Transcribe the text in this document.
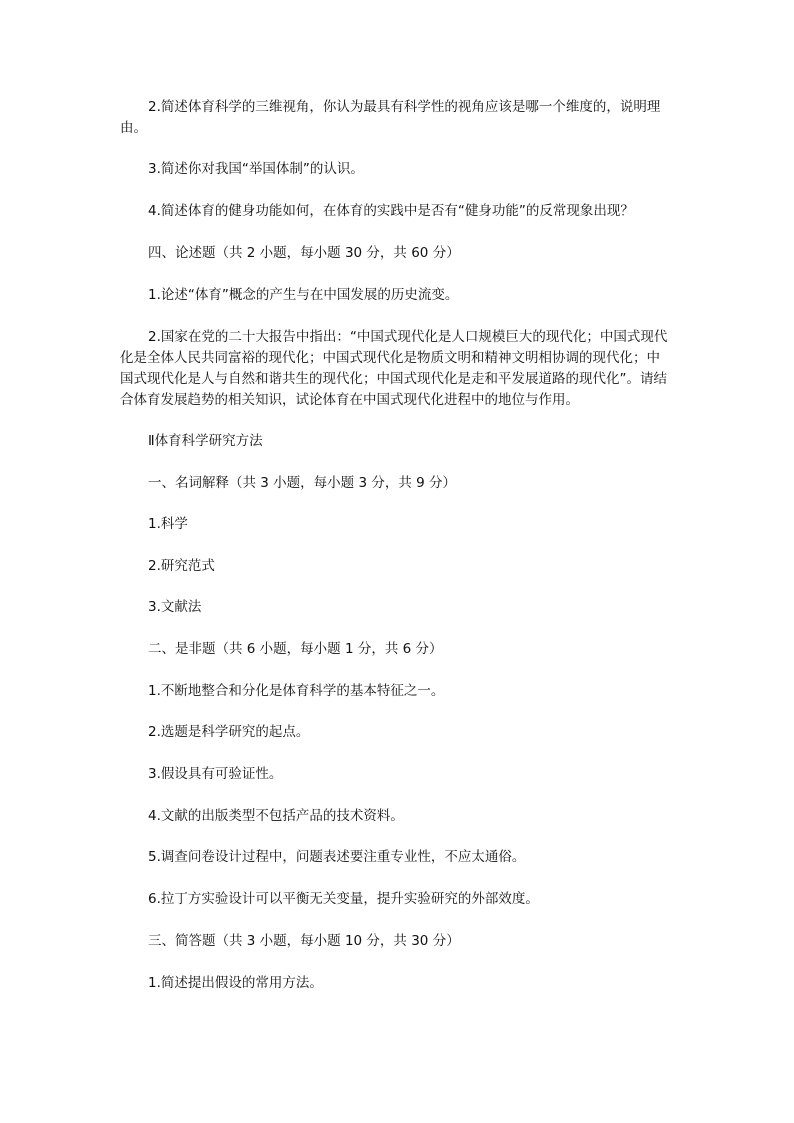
2.简述体育科学的三维视角，你认为最具有科学性的视角应该是哪一个维度的，说明理由。

3.简述你对我国“举国体制”的认识。

4.简述体育的健身功能如何，在体育的实践中是否有“健身功能”的反常现象出现？

四、论述题（共 2 小题，每小题 30 分，共 60 分）

1.论述“体育”概念的产生与在中国发展的历史流变。

2.国家在党的二十大报告中指出：“中国式现代化是人口规模巨大的现代化；中国式现代化是全体人民共同富裕的现代化；中国式现代化是物质文明和精神文明相协调的现代化；中国式现代化是人与自然和谐共生的现代化；中国式现代化是走和平发展道路的现代化”。请结合体育发展趋势的相关知识，试论体育在中国式现代化进程中的地位与作用。

Ⅱ体育科学研究方法

一、名词解释（共 3 小题，每小题 3 分，共 9 分）

1.科学

2.研究范式

3.文献法

二、是非题（共 6 小题，每小题 1 分，共 6 分）

1.不断地整合和分化是体育科学的基本特征之一。

2.选题是科学研究的起点。

3.假设具有可验证性。

4.文献的出版类型不包括产品的技术资料。

5.调查问卷设计过程中，问题表述要注重专业性，不应太通俗。

6.拉丁方实验设计可以平衡无关变量，提升实验研究的外部效度。

三、简答题（共 3 小题，每小题 10 分，共 30 分）

1.简述提出假设的常用方法。
